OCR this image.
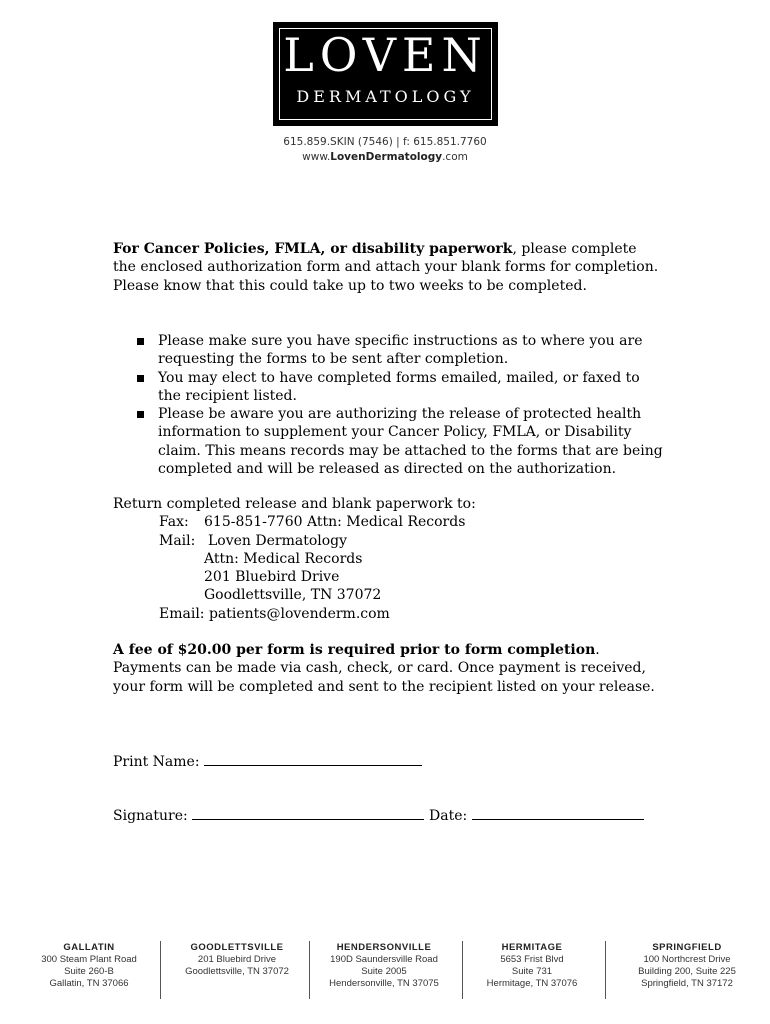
LOVEN
DERMATOLOGY
615.859.SKIN (7546) | f: 615.851.7760
www.LovenDermatology.com
For Cancer Policies, FMLA, or disability paperwork, please complete the enclosed authorization form and attach your blank forms for completion. Please know that this could take up to two weeks to be completed.
Please make sure you have specific instructions as to where you are requesting the forms to be sent after completion.
You may elect to have completed forms emailed, mailed, or faxed to the recipient listed.
Please be aware you are authorizing the release of protected health information to supplement your Cancer Policy, FMLA, or Disability claim. This means records may be attached to the forms that are being completed and will be released as directed on the authorization.
Return completed release and blank paperwork to:
Fax: 615-851-7760 Attn: Medical Records
Mail: Loven Dermatology
Attn: Medical Records
201 Bluebird Drive
Goodlettsville, TN 37072
Email: patients@lovenderm.com
A fee of $20.00 per form is required prior to form completion. Payments can be made via cash, check, or card. Once payment is received, your form will be completed and sent to the recipient listed on your release.
Print Name:
Signature:	Date:
GALLATIN
300 Steam Plant Road
Suite 260-B
Gallatin, TN 37066
GOODLETTSVILLE
201 Bluebird Drive
Goodlettsville, TN 37072
HENDERSONVILLE
190D Saundersville Road
Suite 2005
Hendersonville, TN 37075
HERMITAGE
5653 Frist Blvd
Suite 731
Hermitage, TN 37076
SPRINGFIELD
100 Northcrest Drive
Building 200, Suite 225
Springfield, TN 37172
